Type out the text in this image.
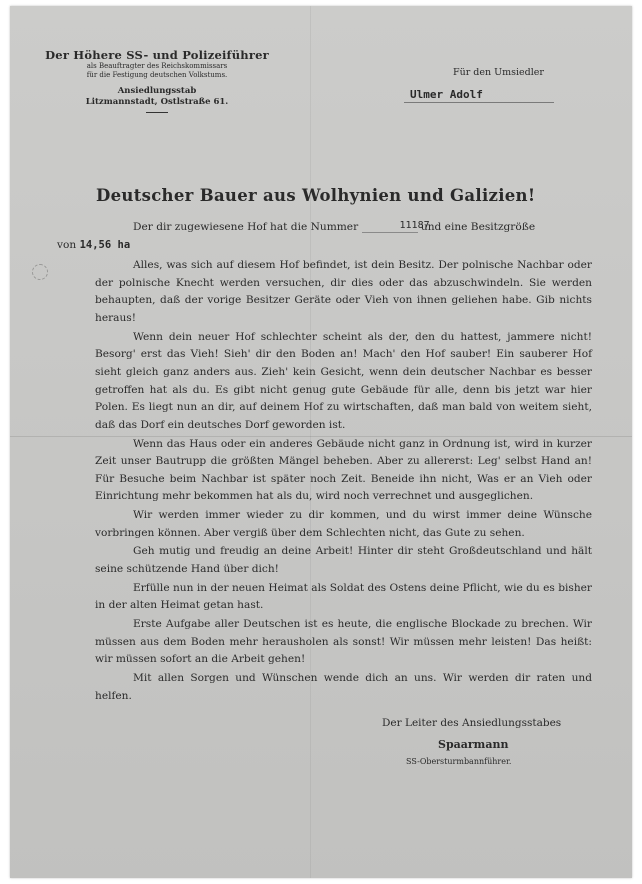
Der Höhere SS- und Polizeiführer
als Beauftragter des Reichskommissars
für die Festigung deutschen Volkstums.
Ansiedlungsstab
Litzmannstadt, Ostlstraße 61.
Für den Umsiedler
Ulmer Adolf
Deutscher Bauer aus Wolhynien und Galizien!

Der dir zugewiesene Hof hat die Nummer	11187 und eine Besitzgröße
von 14,56 ha

Alles, was sich auf diesem Hof befindet, ist dein Besitz. Der polnische Nachbar oder der polnische Knecht werden versuchen, dir dies oder das abzuschwindeln. Sie werden behaupten, daß der vorige Besitzer Geräte oder Vieh von ihnen geliehen habe. Gib nichts heraus!

Wenn dein neuer Hof schlechter scheint als der, den du hattest, jammere nicht! Besorg' erst das Vieh! Sieh' dir den Boden an! Mach' den Hof sauber! Ein sauberer Hof sieht gleich ganz anders aus. Zieh' kein Gesicht, wenn dein deutscher Nachbar es besser getroffen hat als du. Es gibt nicht genug gute Gebäude für alle, denn bis jetzt war hier Polen. Es liegt nun an dir, auf deinem Hof zu wirtschaften, daß man bald von weitem sieht, daß das Dorf ein deutsches Dorf geworden ist.

Wenn das Haus oder ein anderes Gebäude nicht ganz in Ordnung ist, wird in kurzer Zeit unser Bautrupp die größten Mängel beheben. Aber zu allererst: Leg' selbst Hand an! Für Besuche beim Nachbar ist später noch Zeit. Beneide ihn nicht, Was er an Vieh oder Einrichtung mehr bekommen hat als du, wird noch verrechnet und ausgeglichen.

Wir werden immer wieder zu dir kommen, und du wirst immer deine Wünsche vorbringen können. Aber vergiß über dem Schlechten nicht, das Gute zu sehen.

Geh mutig und freudig an deine Arbeit! Hinter dir steht Großdeutschland und hält seine schützende Hand über dich!

Erfülle nun in der neuen Heimat als Soldat des Ostens deine Pflicht, wie du es bisher in der alten Heimat getan hast.

Erste Aufgabe aller Deutschen ist es heute, die englische Blockade zu brechen. Wir müssen aus dem Boden mehr herausholen als sonst! Wir müssen mehr leisten! Das heißt: wir müssen sofort an die Arbeit gehen!

Mit allen Sorgen und Wünschen wende dich an uns. Wir werden dir raten und helfen.

Der Leiter des Ansiedlungsstabes
Spaarmann
SS-Obersturmbannführer.
